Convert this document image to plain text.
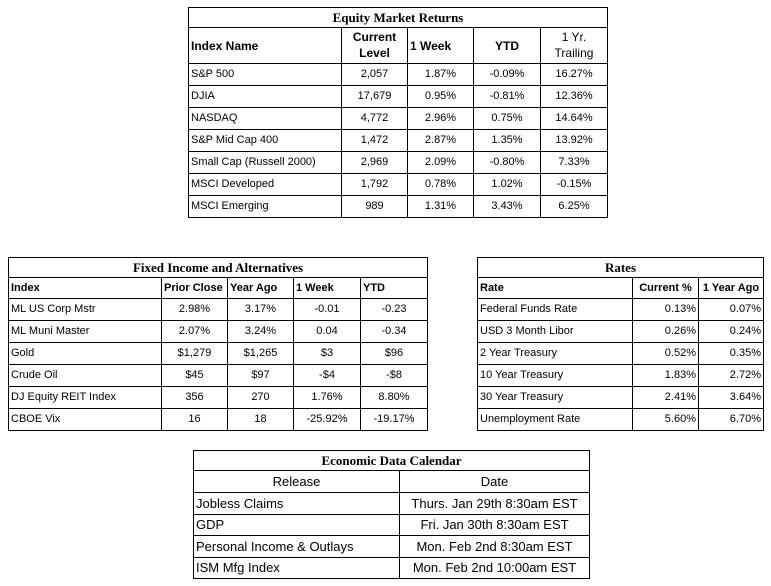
Equity Market Returns				
Index Name	Current Level	1 Week	YTD	1 Yr. Trailing
S&P 500	2,057	1.87%	-0.09%	16.27%
DJIA	17,679	0.95%	-0.81%	12.36%
NASDAQ	4,772	2.96%	0.75%	14.64%
S&P Mid Cap 400	1,472	2.87%	1.35%	13.92%
Small Cap (Russell 2000)	2,969	2.09%	-0.80%	7.33%
MSCI Developed	1,792	0.78%	1.02%	-0.15%
MSCI Emerging	989	1.31%	3.43%	6.25%
Fixed Income and Alternatives				
Index	Prior Close	Year Ago	1 Week	YTD
ML US Corp Mstr	2.98%	3.17%	-0.01	-0.23
ML Muni Master	2.07%	3.24%	0.04	-0.34
Gold	$1,279	$1,265	$3	$96
Crude Oil	$45	$97	-$4	-$8
DJ Equity REIT Index	356	270	1.76%	8.80%
CBOE Vix	16	18	-25.92%	-19.17%
Rates		
Rate	Current %	1 Year Ago
Federal Funds Rate	0.13%	0.07%
USD 3 Month Libor	0.26%	0.24%
2 Year Treasury	0.52%	0.35%
10 Year Treasury	1.83%	2.72%
30 Year Treasury	2.41%	3.64%
Unemployment Rate	5.60%	6.70%
Economic Data Calendar	
Release	Date
Jobless Claims	Thurs. Jan 29th 8:30am EST
GDP	Fri. Jan 30th 8:30am EST
Personal Income & Outlays	Mon. Feb 2nd 8:30am EST
ISM Mfg Index	Mon. Feb 2nd 10:00am EST
